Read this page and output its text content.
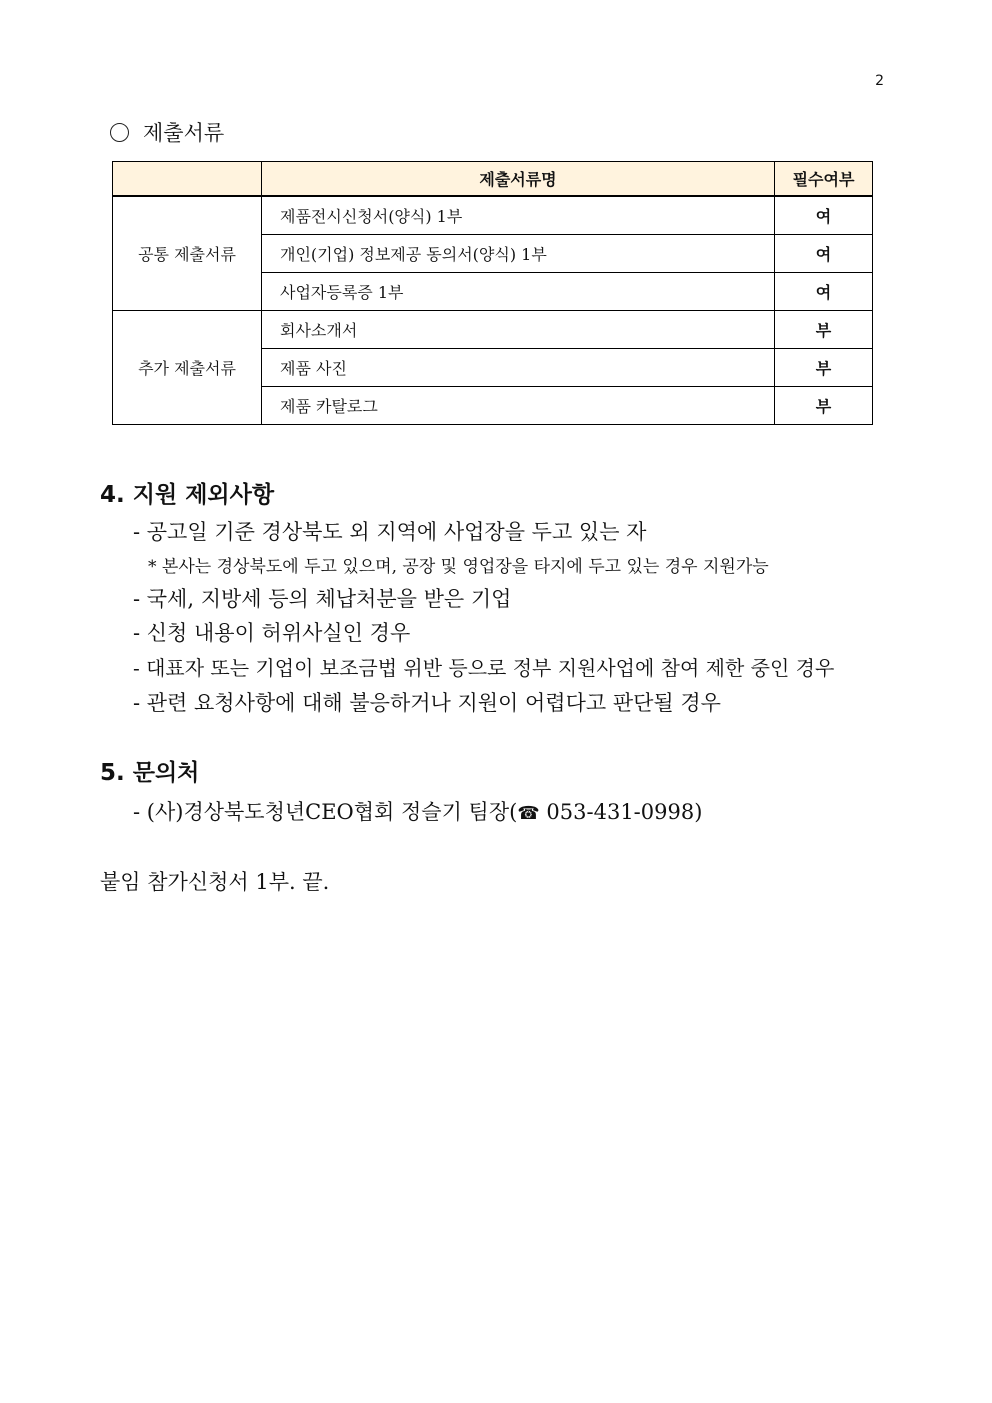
2
제출서류
	제출서류명	필수여부
공통 제출서류	제품전시신청서(양식) 1부	여
	개인(기업) 정보제공 동의서(양식) 1부	여
	사업자등록증 1부	여
추가 제출서류	회사소개서	부
	제품 사진	부
	제품 카탈로그	부
4. 지원 제외사항
- 공고일 기준 경상북도 외 지역에 사업장을 두고 있는 자
* 본사는 경상북도에 두고 있으며, 공장 및 영업장을 타지에 두고 있는 경우 지원가능
- 국세, 지방세 등의 체납처분을 받은 기업
- 신청 내용이 허위사실인 경우
- 대표자 또는 기업이 보조금법 위반 등으로 정부 지원사업에 참여 제한 중인 경우
- 관련 요청사항에 대해 불응하거나 지원이 어렵다고 판단될 경우
5. 문의처
- (사)경상북도청년CEO협회 정슬기 팀장(☎ 053-431-0998)
붙임 참가신청서 1부. 끝.
